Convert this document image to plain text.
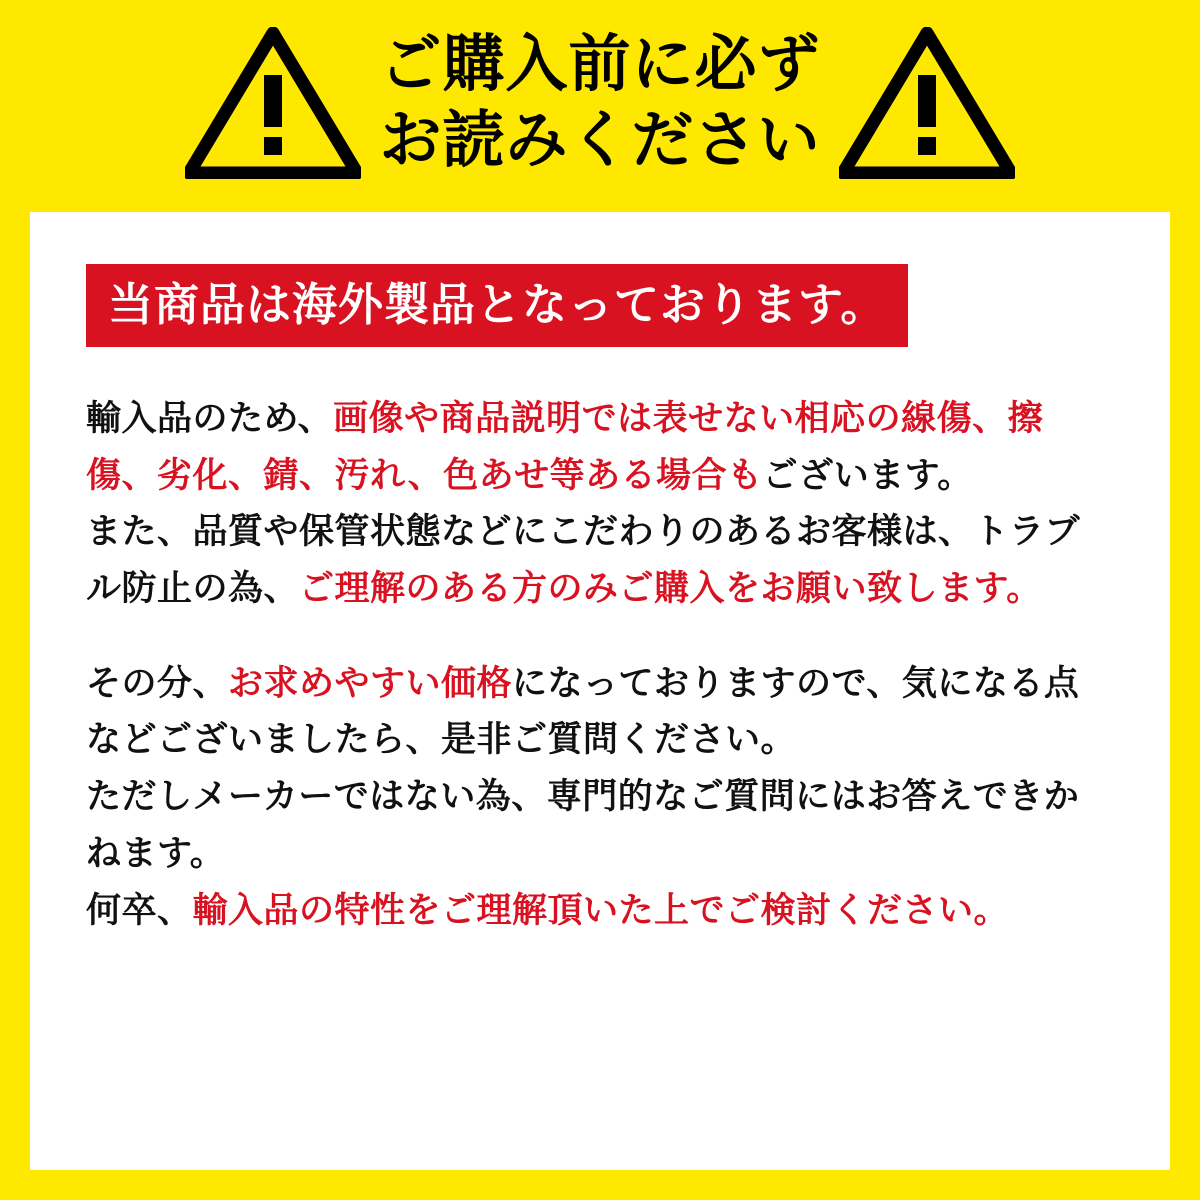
ご購入前に必ず
お読みください
当商品は海外製品となっております。

輸入品のため、画像や商品説明では表せない相応の線傷、擦傷、劣化、錆、汚れ、色あせ等ある場合もございます。

また、品質や保管状態などにこだわりのあるお客様は、トラブル防止の為、ご理解のある方のみご購入をお願い致します。

その分、お求めやすい価格になっておりますので、気になる点などございましたら、是非ご質問ください。

ただしメーカーではない為、専門的なご質問にはお答えできかねます。

何卒、輸入品の特性をご理解頂いた上でご検討ください。
